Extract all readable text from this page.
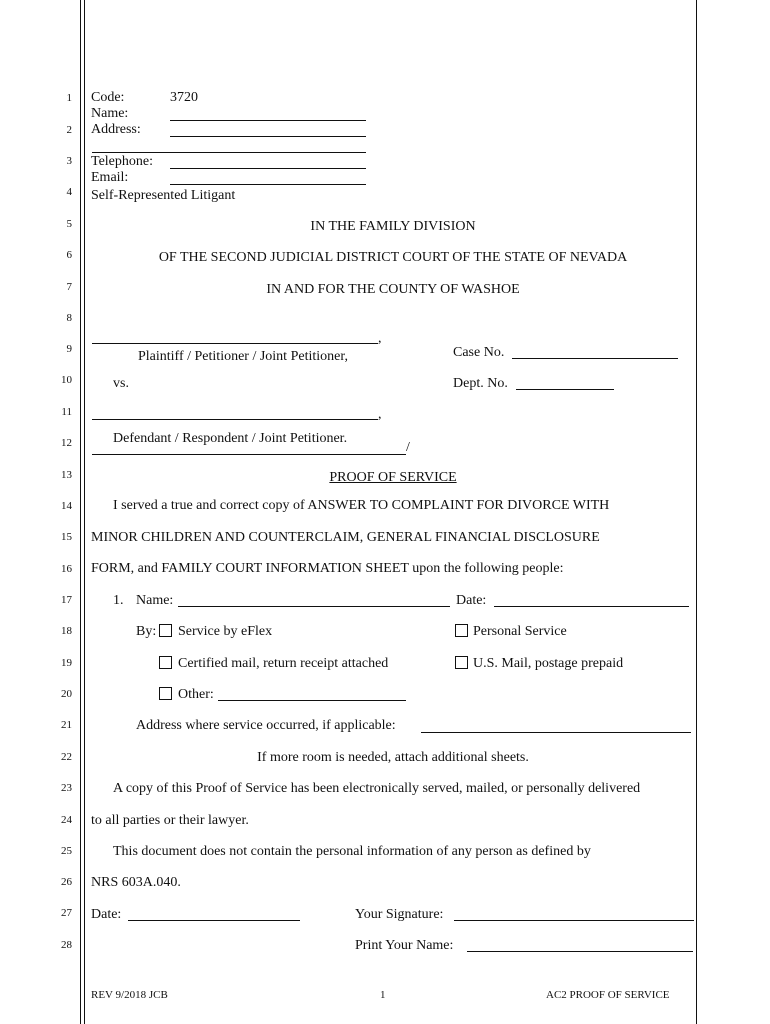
1
2
3
4
5
6
7
8
9
10
11
12
13
14
15
16
17
18
19
20
21
22
23
24
25
26
27
28
Code:	3720
Name:
Address:
Telephone:
Email:
Self-Represented Litigant
IN THE FAMILY DIVISION
OF THE SECOND JUDICIAL DISTRICT COURT OF THE STATE OF NEVADA
IN AND FOR THE COUNTY OF WASHOE
,
Plaintiff / Petitioner / Joint Petitioner,	Case No.
vs.	Dept. No.
,
Defendant / Respondent / Joint Petitioner.
/
PROOF OF SERVICE
I served a true and correct copy of ANSWER TO COMPLAINT FOR DIVORCE WITH
MINOR CHILDREN AND COUNTERCLAIM, GENERAL FINANCIAL DISCLOSURE
FORM, and FAMILY COURT INFORMATION SHEET upon the following people:
1. Name:	Date:
By: Service by eFlex	Personal Service
Certified mail, return receipt attached	U.S. Mail, postage prepaid
Other:
Address where service occurred, if applicable:
If more room is needed, attach additional sheets.
A copy of this Proof of Service has been electronically served, mailed, or personally delivered
to all parties or their lawyer.
This document does not contain the personal information of any person as defined by
NRS 603A.040.
Date:	Your Signature:
Print Your Name:
REV 9/2018 JCB	1	AC2 PROOF OF SERVICE
